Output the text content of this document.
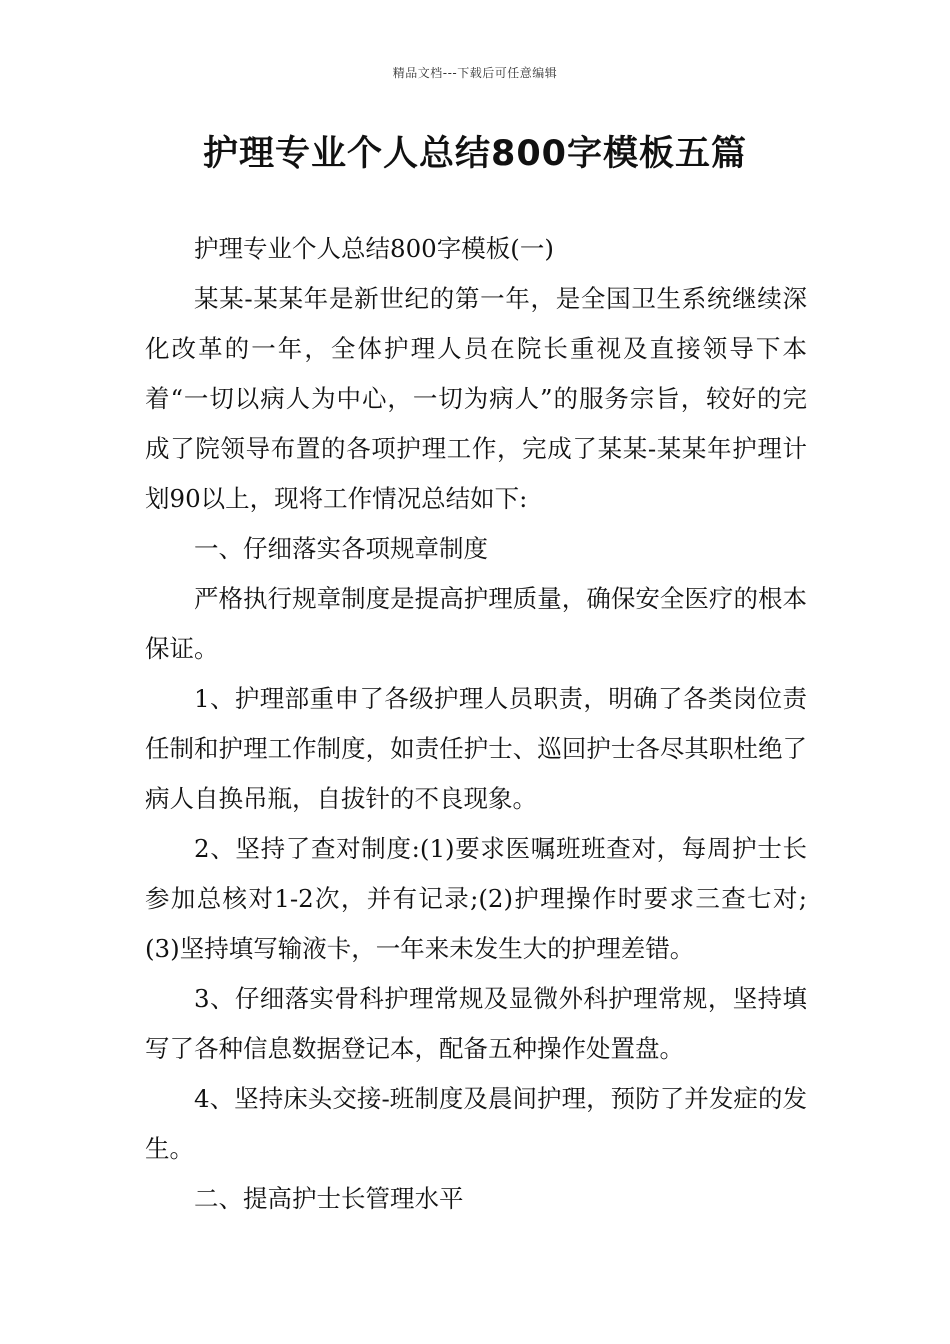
精品文档---下载后可任意编辑
护理专业个人总结800字模板五篇

护理专业个人总结800字模板(一)

某某-某某年是新世纪的第一年，是全国卫生系统继续深化改革的一年，全体护理人员在院长重视及直接领导下本着“一切以病人为中心，一切为病人”的服务宗旨，较好的完成了院领导布置的各项护理工作，完成了某某-某某年护理计划90以上，现将工作情况总结如下:

一、仔细落实各项规章制度

严格执行规章制度是提高护理质量，确保安全医疗的根本保证。

1、护理部重申了各级护理人员职责，明确了各类岗位责任制和护理工作制度，如责任护士、巡回护士各尽其职杜绝了病人自换吊瓶，自拔针的不良现象。

2、坚持了查对制度:(1)要求医嘱班班查对，每周护士长参加总核对1-2次，并有记录;(2)护理操作时要求三查七对;(3)坚持填写输液卡，一年来未发生大的护理差错。

3、仔细落实骨科护理常规及显微外科护理常规，坚持填写了各种信息数据登记本，配备五种操作处置盘。

4、坚持床头交接-班制度及晨间护理，预防了并发症的发生。

二、提高护士长管理水平
